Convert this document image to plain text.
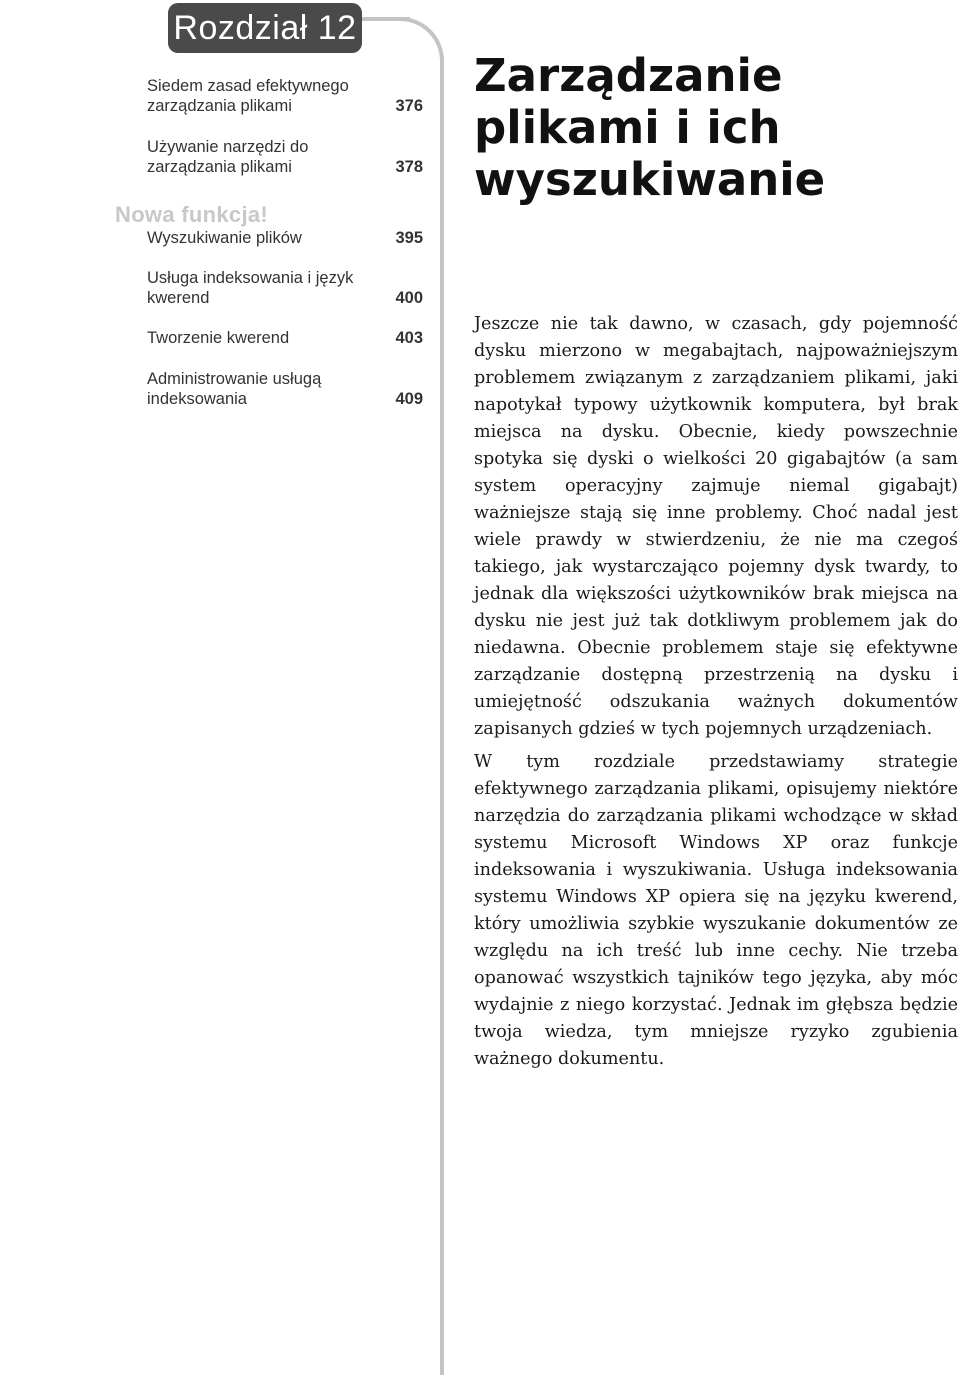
Rozdział 12
Nowa funkcja!
Siedem zasad efektywnego zarządzania plikami	376
Używanie narzędzi do zarządzania plikami	378
Wyszukiwanie plików	395
Usługa indeksowania i język kwerend	400
Tworzenie kwerend	403
Administrowanie usługą indeksowania	409
Zarządzanie
plikami i ich
wyszukiwanie

Jeszcze nie tak dawno, w czasach, gdy pojemność dysku mierzono w megabajtach, najpoważniejszym problemem związanym z zarządzaniem plikami, jaki napotykał typowy użytkownik komputera, był brak miejsca na dysku. Obecnie, kiedy powszechnie spotyka się dyski o wielkości 20 gigabajtów (a sam system operacyjny zajmuje niemal gigabajt) ważniejsze stają się inne problemy. Choć nadal jest wiele prawdy w stwierdzeniu, że nie ma czegoś takiego, jak wystarczająco pojemny dysk twardy, to jednak dla większości użytkowników brak miejsca na dysku nie jest już tak dotkliwym problemem jak do niedawna. Obecnie problemem staje się efektywne zarządzanie dostępną przestrzenią na dysku i umiejętność odszukania ważnych dokumentów zapisanych gdzieś w tych pojemnych urządzeniach.

W tym rozdziale przedstawiamy strategie efektywnego zarządzania plikami, opisujemy niektóre narzędzia do zarządzania plikami wchodzące w skład systemu Microsoft Windows XP oraz funkcje indeksowania i wyszukiwania. Usługa indeksowania systemu Windows XP opiera się na języku kwerend, który umożliwia szybkie wyszukanie dokumentów ze względu na ich treść lub inne cechy. Nie trzeba opanować wszystkich tajników tego języka, aby móc wydajnie z niego korzystać. Jednak im głębsza będzie twoja wiedza, tym mniejsze ryzyko zgubienia ważnego dokumentu.
